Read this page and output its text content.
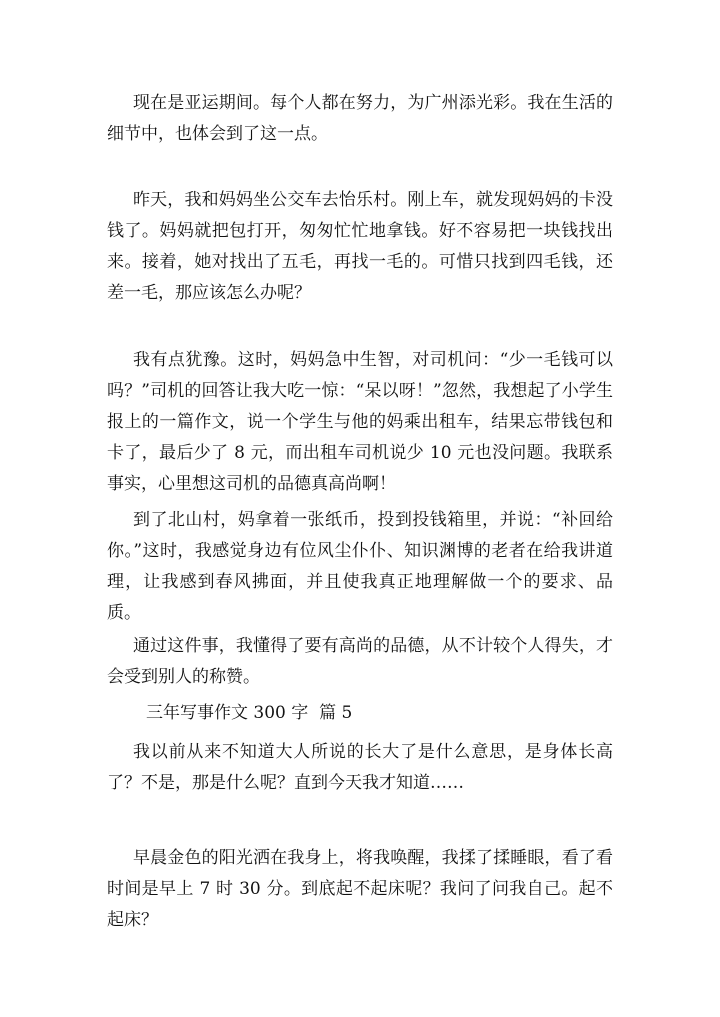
现在是亚运期间。每个人都在努力，为广州添光彩。我在生活的细节中，也体会到了这一点。

昨天，我和妈妈坐公交车去怡乐村。刚上车，就发现妈妈的卡没钱了。妈妈就把包打开，匆匆忙忙地拿钱。好不容易把一块钱找出来。接着，她对找出了五毛，再找一毛的。可惜只找到四毛钱，还差一毛，那应该怎么办呢？

我有点犹豫。这时，妈妈急中生智，对司机问：“少一毛钱可以吗？”司机的回答让我大吃一惊：“呆以呀！”忽然，我想起了小学生报上的一篇作文，说一个学生与他的妈乘出租车，结果忘带钱包和卡了，最后少了 8 元，而出租车司机说少 10 元也没问题。我联系事实，心里想这司机的品德真高尚啊！

到了北山村，妈拿着一张纸币，投到投钱箱里，并说：“补回给你。”这时，我感觉身边有位风尘仆仆、知识渊博的老者在给我讲道理，让我感到春风拂面，并且使我真正地理解做一个的要求、品质。

通过这件事，我懂得了要有高尚的品德，从不计较个人得失，才会受到别人的称赞。

三年写事作文 300 字  篇 5

我以前从来不知道大人所说的长大了是什么意思，是身体长高了？不是，那是什么呢？直到今天我才知道……

早晨金色的阳光洒在我身上，将我唤醒，我揉了揉睡眼，看了看时间是早上 7 时 30 分。到底起不起床呢？我问了问我自己。起不起床？
